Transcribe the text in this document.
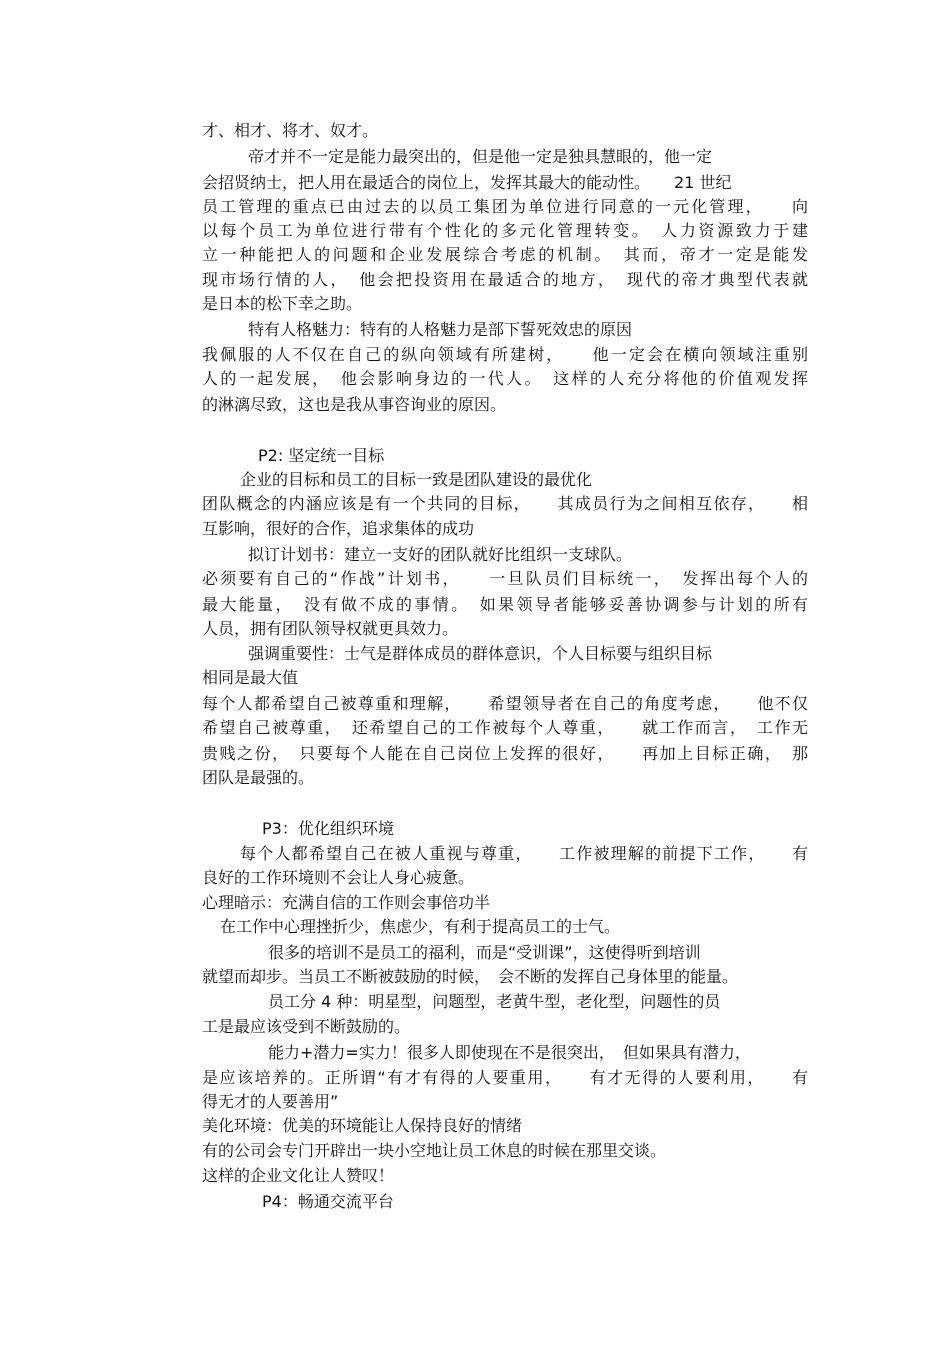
才、相才、将才、奴才。
帝才并不一定是能力最突出的，但是他一定是独具慧眼的，他一定
会招贤纳士，把人用在最适合的岗位上，发挥其最大的能动性。　　21 世纪
员工管理的重点已由过去的以员工集团为单位进行同意的一元化管理，　　向
以每个员工为单位进行带有个性化的多元化管理转变。　人力资源致力于建
立一种能把人的问题和企业发展综合考虑的机制。　其而，帝才一定是能发
现市场行情的人，　他会把投资用在最适合的地方，　现代的帝才典型代表就
是日本的松下幸之助。
特有人格魅力：特有的人格魅力是部下誓死效忠的原因
我佩服的人不仅在自己的纵向领域有所建树，　　他一定会在横向领域注重别
人的一起发展，　他会影响身边的一代人。　这样的人充分将他的价值观发挥
的淋漓尽致，这也是我从事咨询业的原因。
P2: 坚定统一目标
企业的目标和员工的目标一致是团队建设的最优化
团队概念的内涵应该是有一个共同的目标，　　其成员行为之间相互依存，　　相
互影响，很好的合作，追求集体的成功
拟订计划书：建立一支好的团队就好比组织一支球队。
必须要有自己的“作战”计划书，　　一旦队员们目标统一，　发挥出每个人的
最大能量，　没有做不成的事情。　如果领导者能够妥善协调参与计划的所有
人员，拥有团队领导权就更具效力。
强调重要性：士气是群体成员的群体意识，个人目标要与组织目标
相同是最大值
每个人都希望自己被尊重和理解，　　希望领导者在自己的角度考虑，　　他不仅
希望自己被尊重，　还希望自己的工作被每个人尊重，　　就工作而言，　工作无
贵贱之份，　只要每个人能在自己岗位上发挥的很好，　　再加上目标正确，　那
团队是最强的。
P3：优化组织环境
每个人都希望自己在被人重视与尊重，　　工作被理解的前提下工作，　　有
良好的工作环境则不会让人身心疲惫。
心理暗示：充满自信的工作则会事倍功半
在工作中心理挫折少，焦虑少，有利于提高员工的士气。
很多的培训不是员工的福利，而是“受训课”，这使得听到培训
就望而却步。当员工不断被鼓励的时候，　会不断的发挥自己身体里的能量。
员工分 4 种：明星型，问题型，老黄牛型，老化型，问题性的员
工是最应该受到不断鼓励的。
能力+潜力=实力！很多人即使现在不是很突出，　但如果具有潜力，
是应该培养的。正所谓“有才有得的人要重用，　　有才无得的人要利用，　　有
得无才的人要善用”
美化环境：优美的环境能让人保持良好的情绪
有的公司会专门开辟出一块小空地让员工休息的时候在那里交谈。
这样的企业文化让人赞叹！
P4：畅通交流平台
